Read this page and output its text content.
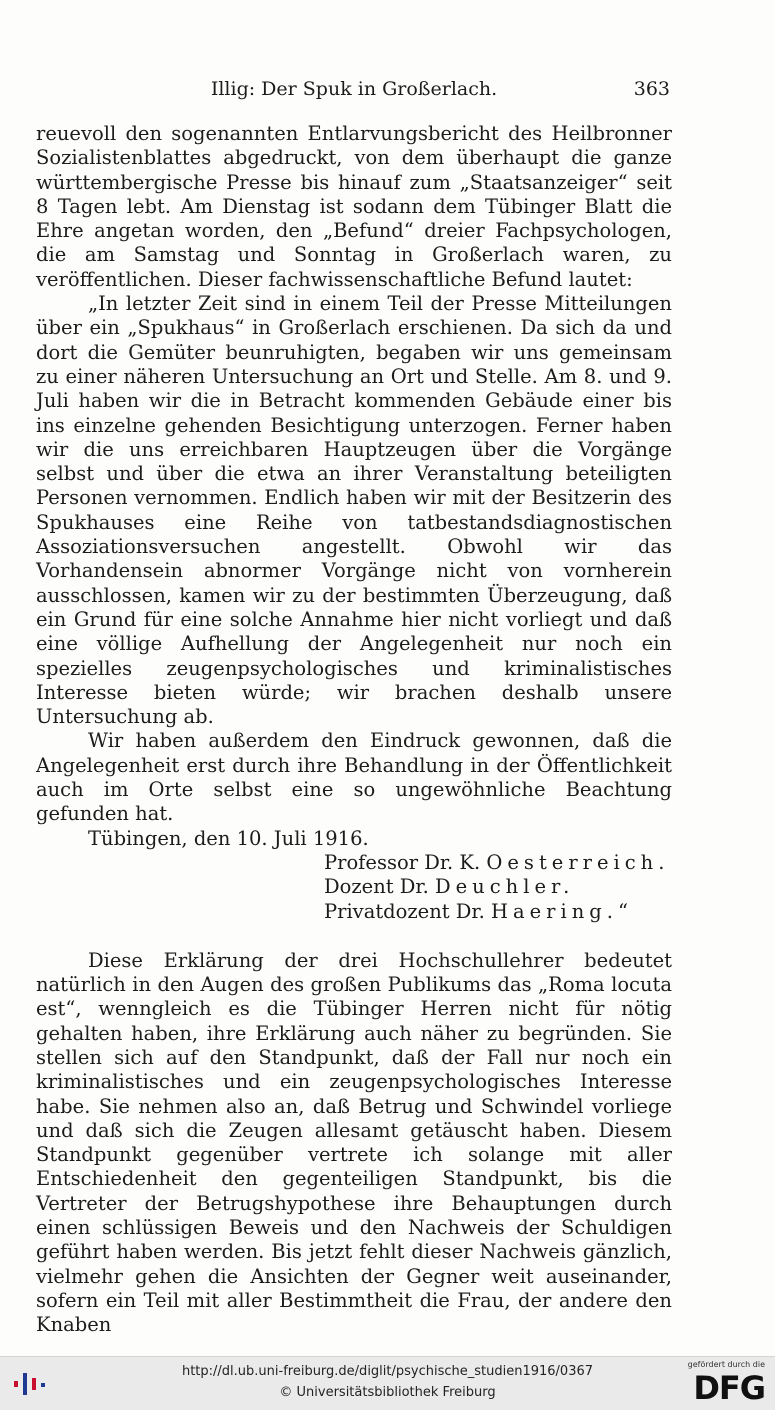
Illig: Der Spuk in Großerlach.	363

reuevoll den sogenannten Entlarvungsbericht des Heilbronner Sozialistenblattes abgedruckt, von dem überhaupt die ganze württembergische Presse bis hinauf zum „Staatsanzeiger“ seit 8 Tagen lebt. Am Dienstag ist sodann dem Tübinger Blatt die Ehre angetan worden, den „Befund“ dreier Fachpsychologen, die am Samstag und Sonntag in Großerlach waren, zu veröffentlichen. Dieser fachwissenschaftliche Befund lautet:

„In letzter Zeit sind in einem Teil der Presse Mitteilungen über ein „Spukhaus“ in Großerlach erschienen. Da sich da und dort die Gemüter beunruhigten, begaben wir uns gemeinsam zu einer näheren Untersuchung an Ort und Stelle. Am 8. und 9. Juli haben wir die in Betracht kommenden Gebäude einer bis ins einzelne gehenden Besichtigung unterzogen. Ferner haben wir die uns erreichbaren Hauptzeugen über die Vorgänge selbst und über die etwa an ihrer Veranstaltung beteiligten Personen vernommen. Endlich haben wir mit der Besitzerin des Spukhauses eine Reihe von tatbestandsdiagnostischen Assoziationsversuchen angestellt. Obwohl wir das Vorhandensein abnormer Vorgänge nicht von vornherein ausschlossen, kamen wir zu der bestimmten Überzeugung, daß ein Grund für eine solche Annahme hier nicht vorliegt und daß eine völlige Aufhellung der Angelegenheit nur noch ein spezielles zeugenpsychologisches und kriminalistisches Interesse bieten würde; wir brachen deshalb unsere Untersuchung ab.

Wir haben außerdem den Eindruck gewonnen, daß die Angelegenheit erst durch ihre Behandlung in der Öffentlichkeit auch im Orte selbst eine so ungewöhnliche Beachtung gefunden hat.

Tübingen, den 10. Juli 1916.

Professor Dr. K. Oesterreich.
Dozent Dr. Deuchler.
Privatdozent Dr. Haering.“

Diese Erklärung der drei Hochschullehrer bedeutet natürlich in den Augen des großen Publikums das „Roma locuta est“, wenngleich es die Tübinger Herren nicht für nötig gehalten haben, ihre Erklärung auch näher zu begründen. Sie stellen sich auf den Standpunkt, daß der Fall nur noch ein kriminalistisches und ein zeugenpsychologisches Interesse habe. Sie nehmen also an, daß Betrug und Schwindel vorliege und daß sich die Zeugen allesamt getäuscht haben. Diesem Standpunkt gegenüber vertrete ich solange mit aller Entschiedenheit den gegenteiligen Standpunkt, bis die Vertreter der Betrugshypothese ihre Behauptungen durch einen schlüssigen Beweis und den Nachweis der Schuldigen geführt haben werden. Bis jetzt fehlt dieser Nachweis gänzlich, vielmehr gehen die Ansichten der Gegner weit auseinander, sofern ein Teil mit aller Bestimmtheit die Frau, der andere den Knaben

http://dl.ub.uni-freiburg.de/diglit/psychische_studien1916/0367
© Universitätsbibliothek Freiburg
gefördert durch die
DFG
